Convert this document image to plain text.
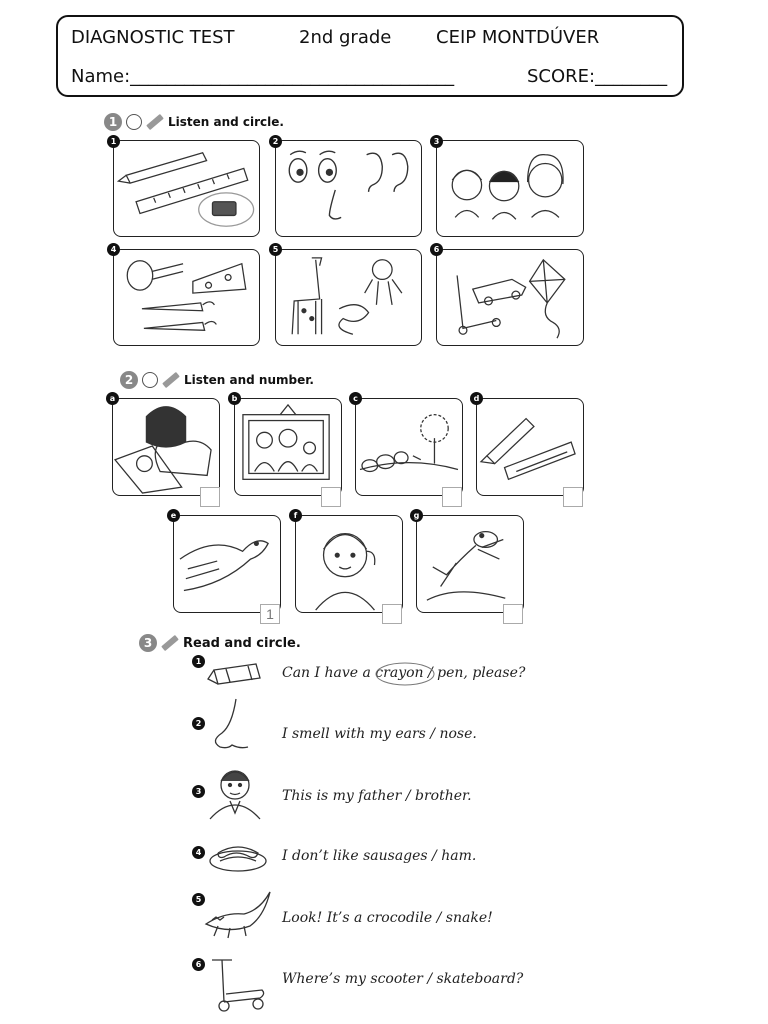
DIAGNOSTIC TEST	2nd grade CEIP MONTDÚVER
Name:____________________________________	SCORE:________
1	Listen and circle.
1	2	3
4	5	6
2	Listen and number.
a	b	c	d
e
1
f	g
3	Read and circle.
1
Can I have a crayon / pen, please?
2
I smell with my ears / nose.
3	This is my father / brother.
4	I don’t like sausages / ham.
5
Look! It’s a crocodile / snake!
6
Where’s my scooter / skateboard?
